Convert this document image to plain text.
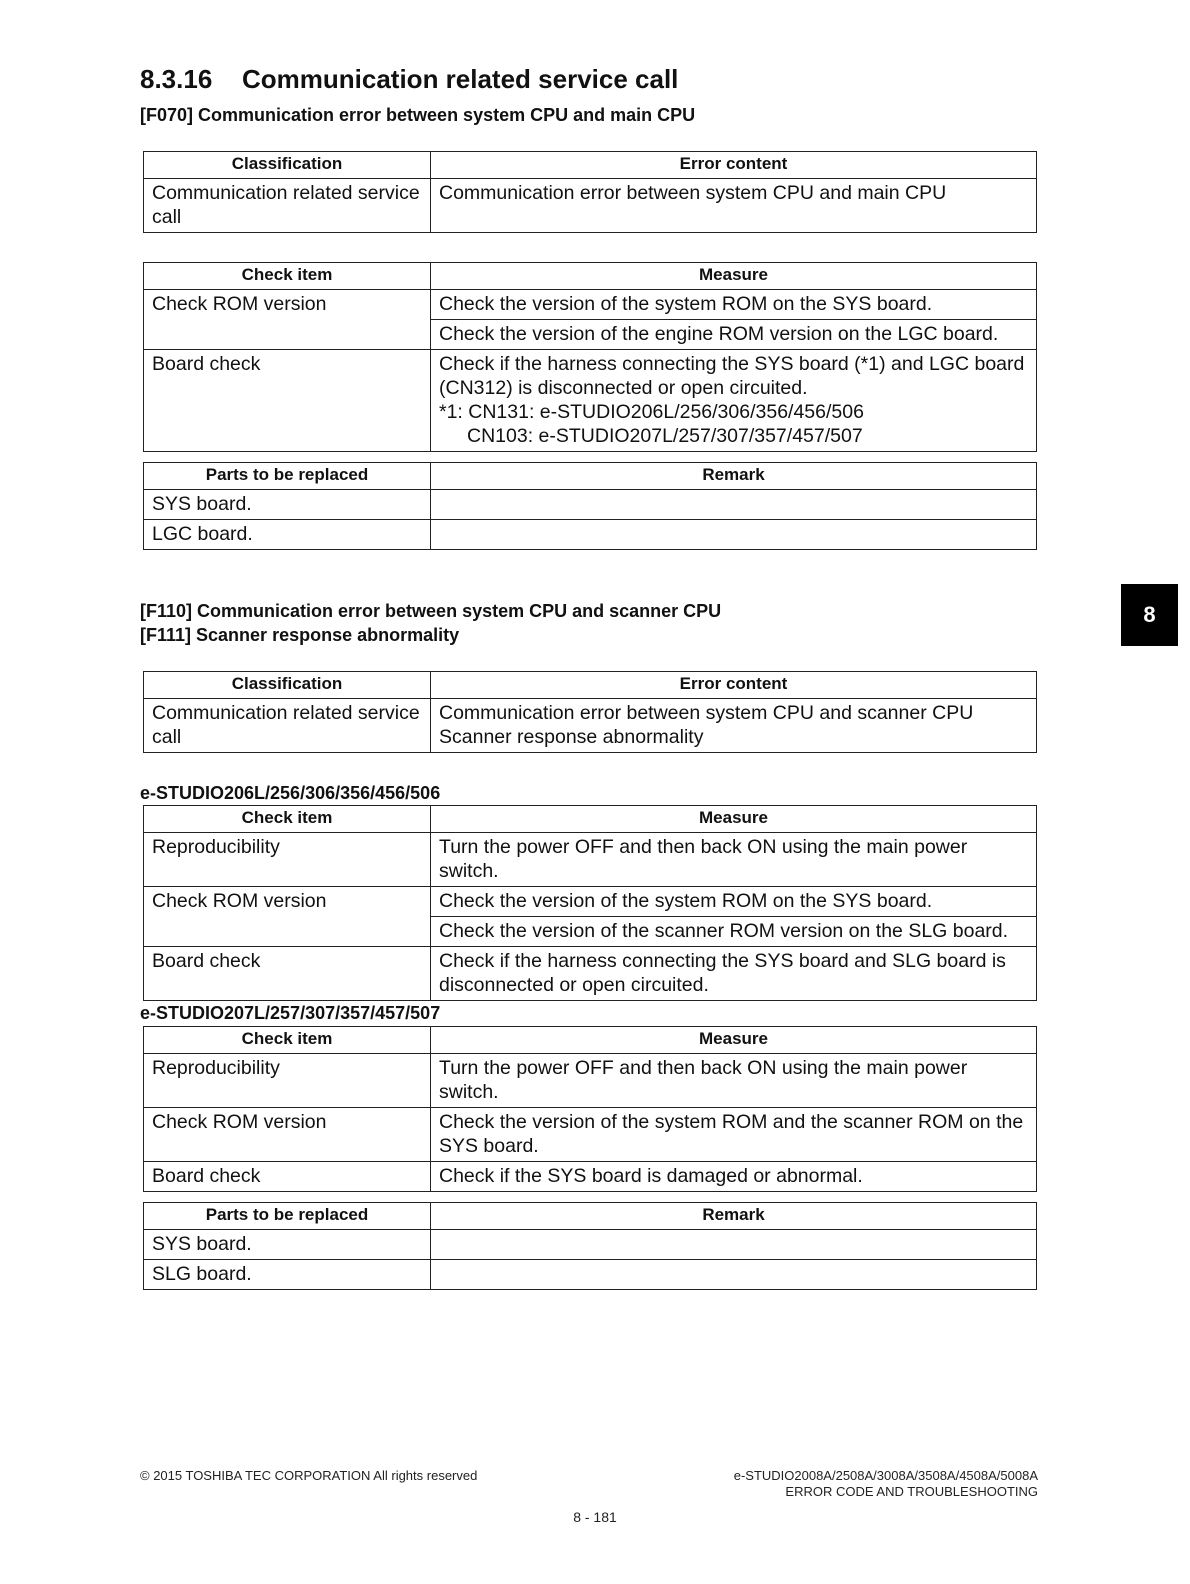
8.3.16 Communication related service call
[F070] Communication error between system CPU and main CPU
Classification	Error content
Communication related service call	Communication error between system CPU and main CPU
Check item	Measure
Check ROM version	Check the version of the system ROM on the SYS board.
	Check the version of the engine ROM version on the LGC board.
Board check	Check if the harness connecting the SYS board (*1) and LGC board (CN312) is disconnected or open circuited.
*1: CN131: e-STUDIO206L/256/306/356/456/506
CN103: e-STUDIO207L/257/307/357/457/507
Parts to be replaced	Remark
SYS board.	
LGC board.	
[F110] Communication error between system CPU and scanner CPU
[F111] Scanner response abnormality
Classification	Error content
Communication related service call	Communication error between system CPU and scanner CPU
Scanner response abnormality
e-STUDIO206L/256/306/356/456/506
Check item	Measure
Reproducibility	Turn the power OFF and then back ON using the main power switch.
Check ROM version	Check the version of the system ROM on the SYS board.
	Check the version of the scanner ROM version on the SLG board.
Board check	Check if the harness connecting the SYS board and SLG board is disconnected or open circuited.
e-STUDIO207L/257/307/357/457/507
Check item	Measure
Reproducibility	Turn the power OFF and then back ON using the main power switch.
Check ROM version	Check the version of the system ROM and the scanner ROM on the SYS board.
Board check	Check if the SYS board is damaged or abnormal.
Parts to be replaced	Remark
SYS board.	
SLG board.	
8
© 2015 TOSHIBA TEC CORPORATION All rights reserved	e-STUDIO2008A/2508A/3008A/3508A/4508A/5008A
ERROR CODE AND TROUBLESHOOTING
8 - 181
